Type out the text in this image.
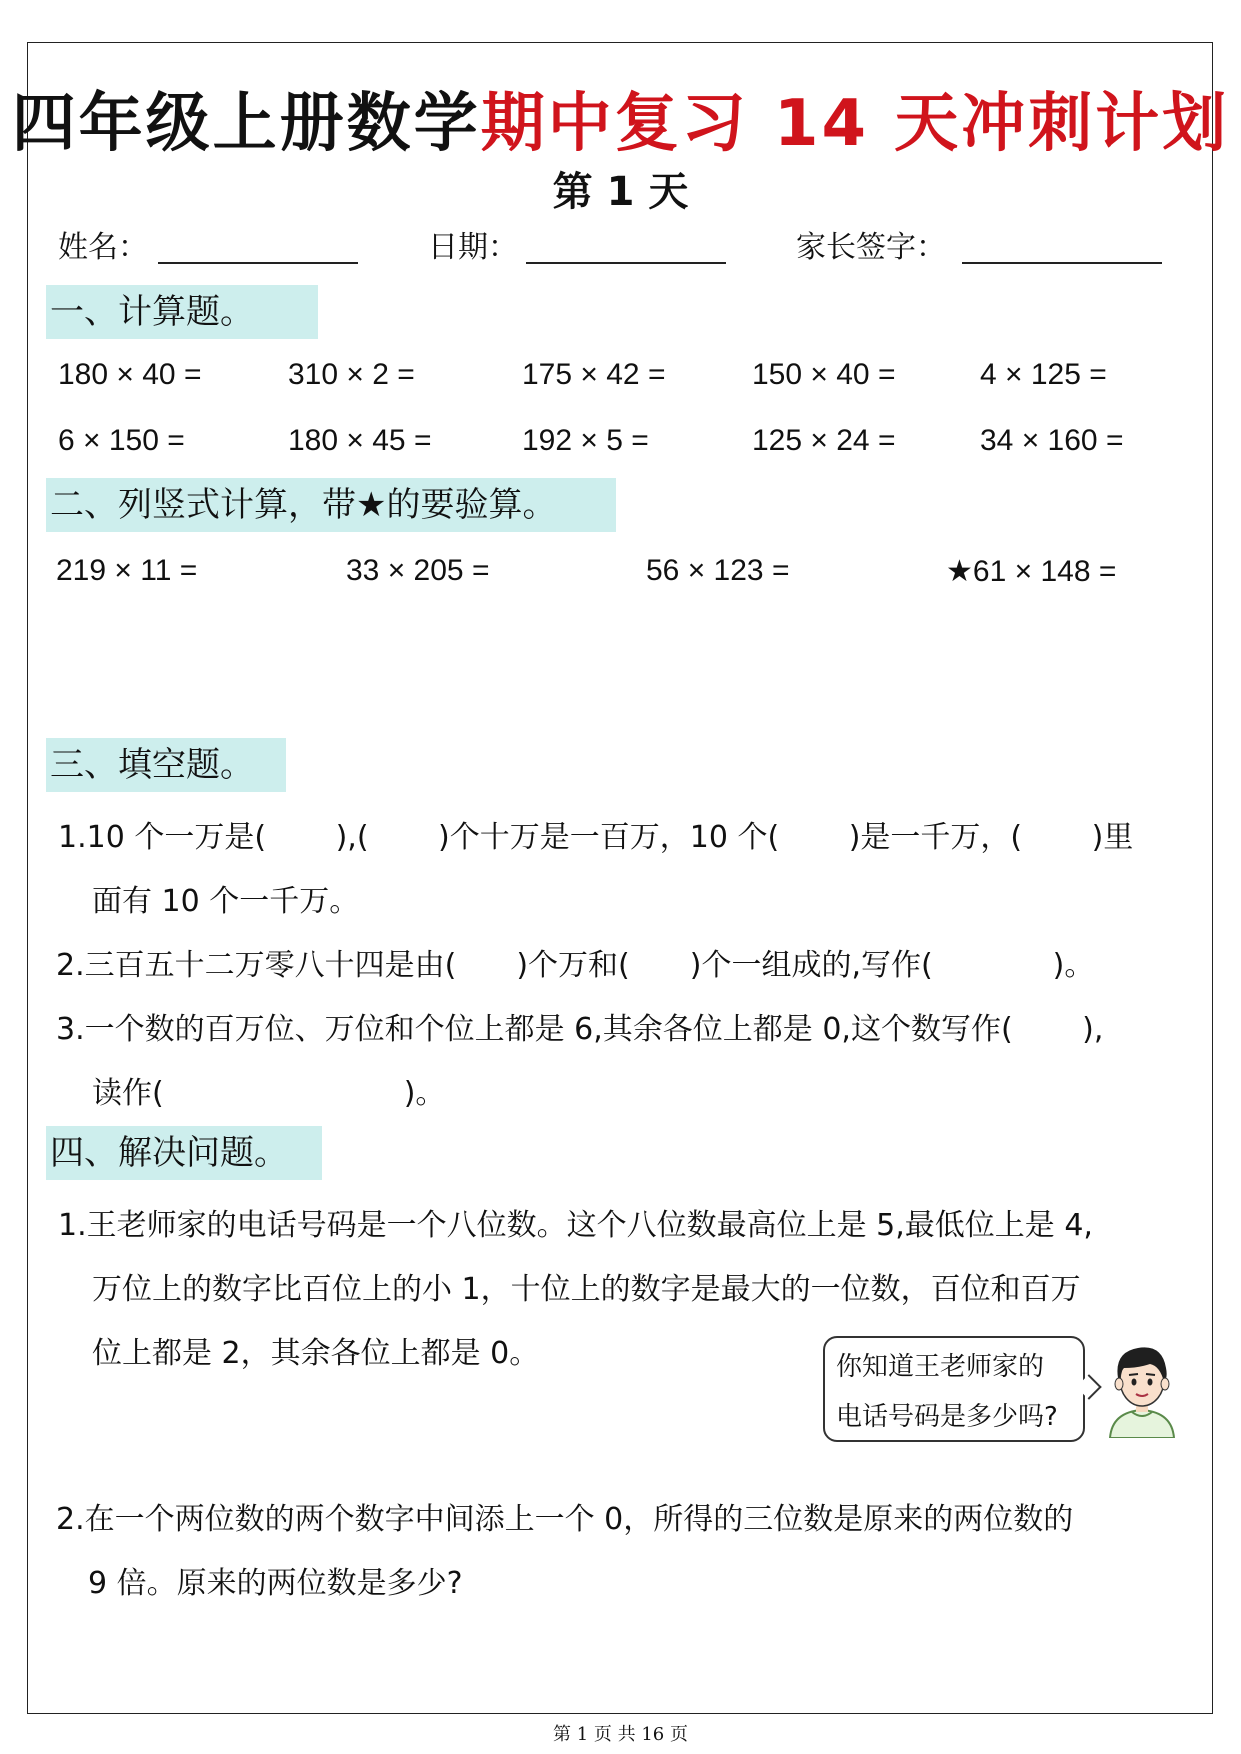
四年级上册数学期中复习 14 天冲刺计划
第 1 天
姓名：	日期：	家长签字：
一、计算题。
180 × 40 =	310 × 2 =	175 × 42 =	150 × 40 =	4 × 125 =
6 × 150 =	180 × 45 =	192 × 5 =	125 × 24 =	34 × 160 =
二、列竖式计算，带★的要验算。
219 × 11 =	33 × 205 =	56 × 123 =	★61 × 148 =
三、填空题。
1.10 个一万是(　　 ),(　　 )个十万是一百万，10 个(　　 )是一千万，(　　 )里
面有 10 个一千万。
2.三百五十二万零八十四是由(　　)个万和(　　)个一组成的,写作(　　　　)。
3.一个数的百万位、万位和个位上都是 6,其余各位上都是 0,这个数写作(　　 ),
读作(　　　　　　　　)。
四、解决问题。
1.王老师家的电话号码是一个八位数。这个八位数最高位上是 5,最低位上是 4,
万位上的数字比百位上的小 1，十位上的数字是最大的一位数，百位和百万
位上都是 2，其余各位上都是 0。	你知道王老师家的
电话号码是多少吗?
2.在一个两位数的两个数字中间添上一个 0，所得的三位数是原来的两位数的
9 倍。原来的两位数是多少?
第 1 页 共 16 页
